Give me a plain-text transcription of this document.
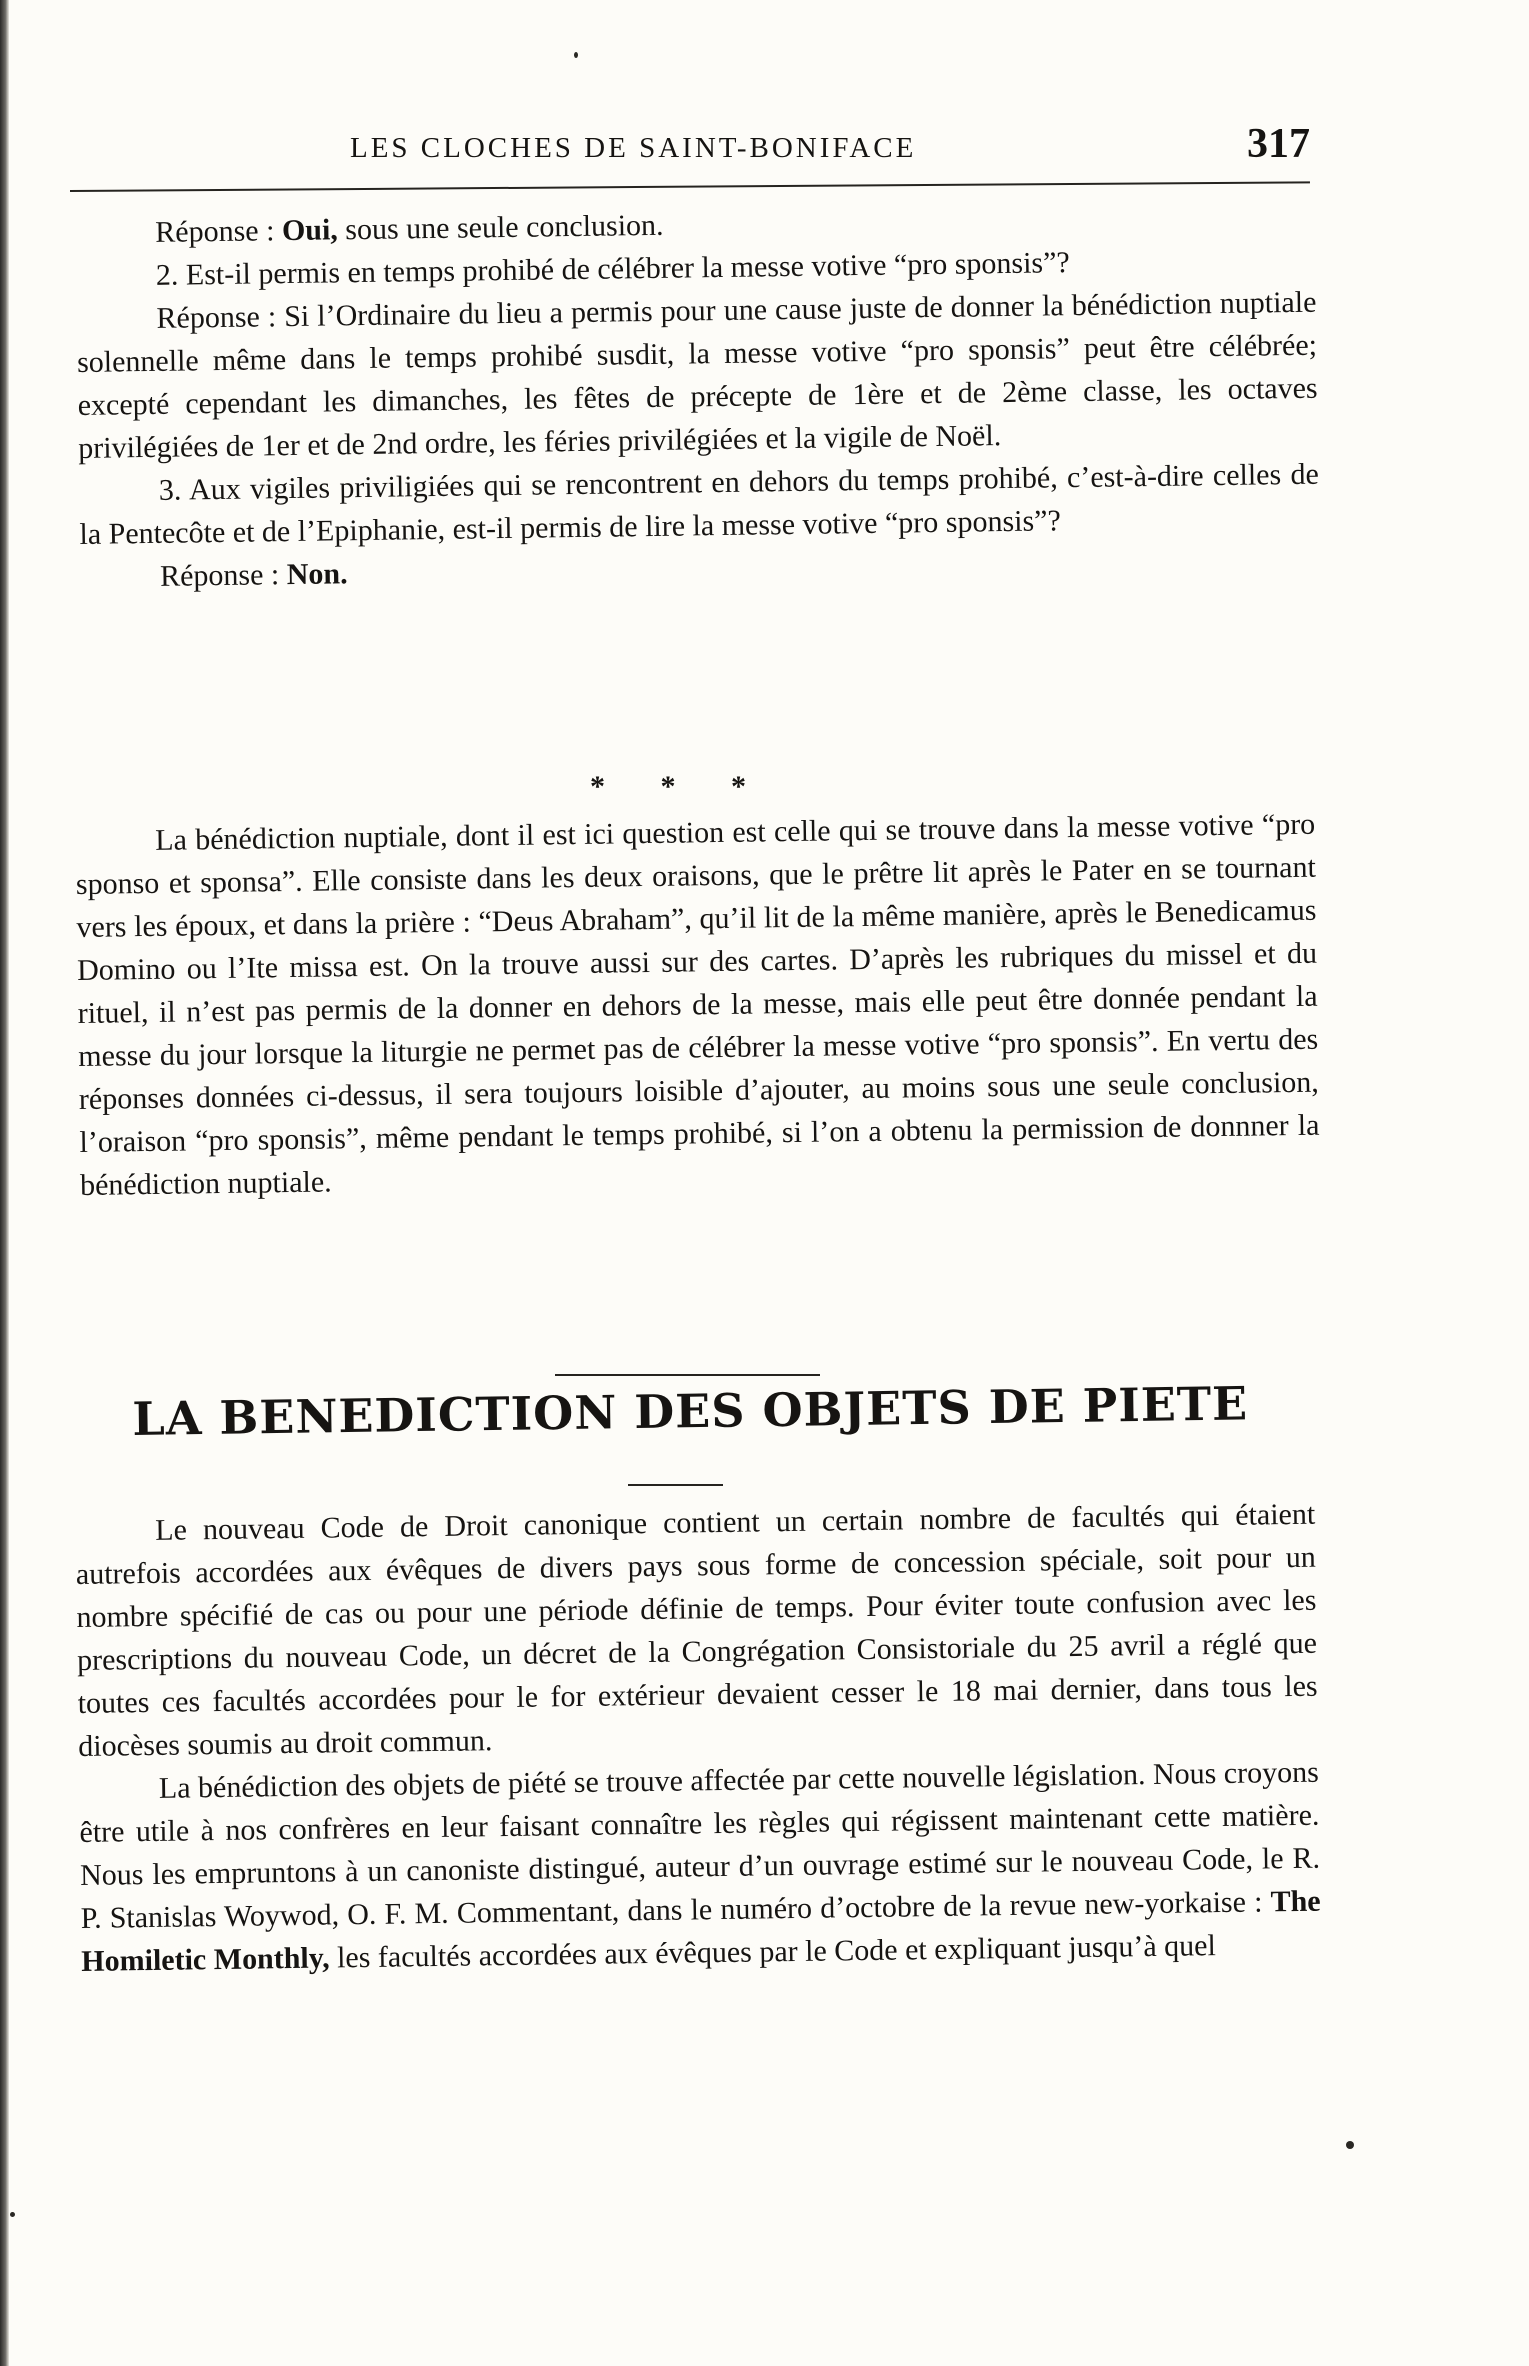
LES CLOCHES DE SAINT-BONIFACE	317

Réponse : Oui, sous une seule conclusion.

2. Est-il permis en temps prohibé de célébrer la messe votive “pro sponsis”?

Réponse : Si l’Ordinaire du lieu a permis pour une cause juste de donner la bénédiction nuptiale solennelle même dans le temps prohibé susdit, la messe votive “pro sponsis” peut être célébrée; excepté cependant les dimanches, les fêtes de précepte de 1ère et de 2ème classe, les octaves privilégiées de 1er et de 2nd ordre, les féries privilégiées et la vigile de Noël.

3. Aux vigiles priviligiées qui se rencontrent en dehors du temps prohibé, c’est-à-dire celles de la Pentecôte et de l’Epiphanie, est-il permis de lire la messe votive “pro sponsis”?

Réponse : Non.

* * *

La bénédiction nuptiale, dont il est ici question est celle qui se trouve dans la messe votive “pro sponso et sponsa”. Elle consiste dans les deux oraisons, que le prêtre lit après le Pater en se tournant vers les époux, et dans la prière : “Deus Abraham”, qu’il lit de la même manière, après le Benedicamus Domino ou l’Ite missa est. On la trouve aussi sur des cartes. D’après les rubriques du missel et du rituel, il n’est pas permis de la donner en dehors de la messe, mais elle peut être donnée pendant la messe du jour lorsque la liturgie ne permet pas de célébrer la messe votive “pro sponsis”. En vertu des réponses données ci-dessus, il sera toujours loisible d’ajouter, au moins sous une seule conclusion, l’oraison “pro sponsis”, même pendant le temps prohibé, si l’on a obtenu la permission de donnner la bénédiction nuptiale.

LA BENEDICTION DES OBJETS DE PIETE

Le nouveau Code de Droit canonique contient un certain nombre de facultés qui étaient autrefois accordées aux évêques de divers pays sous forme de concession spéciale, soit pour un nombre spécifié de cas ou pour une période définie de temps. Pour éviter toute confusion avec les prescriptions du nouveau Code, un décret de la Congrégation Consistoriale du 25 avril a réglé que toutes ces facultés accordées pour le for extérieur devaient cesser le 18 mai dernier, dans tous les diocèses soumis au droit commun.

La bénédiction des objets de piété se trouve affectée par cette nouvelle législation. Nous croyons être utile à nos confrères en leur faisant connaître les règles qui régissent maintenant cette matière. Nous les empruntons à un canoniste distingué, auteur d’un ouvrage estimé sur le nouveau Code, le R. P. Stanislas Woywod, O. F. M. Commentant, dans le numéro d’octobre de la revue new-yorkaise : The Homiletic Monthly, les facultés accordées aux évêques par le Code et expliquant jusqu’à quel
